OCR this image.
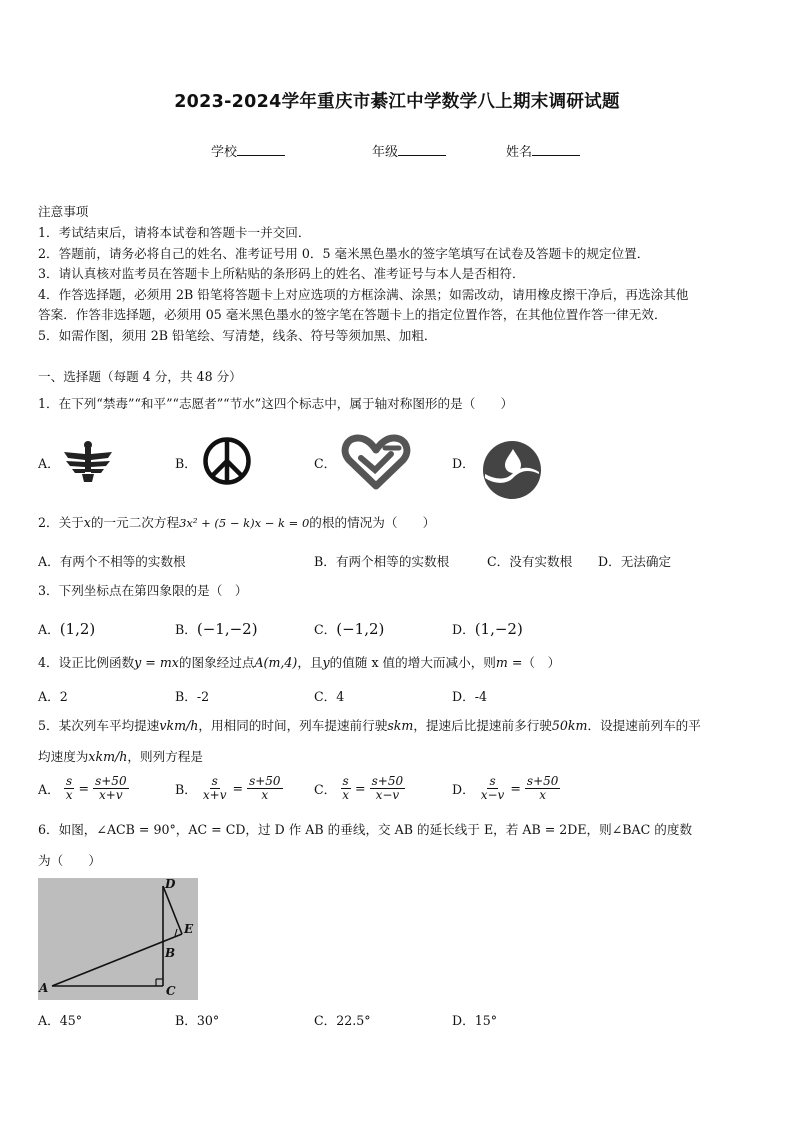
2023-2024学年重庆市綦江中学数学八上期末调研试题
学校	年级	姓名
注意事项
1．考试结束后，请将本试卷和答题卡一并交回．
2．答题前，请务必将自己的姓名、准考证号用 0．5 毫米黑色墨水的签字笔填写在试卷及答题卡的规定位置．
3．请认真核对监考员在答题卡上所粘贴的条形码上的姓名、准考证号与本人是否相符．
4．作答选择题，必须用 2B 铅笔将答题卡上对应选项的方框涂满、涂黑；如需改动，请用橡皮擦干净后，再选涂其他
答案．作答非选择题，必须用 05 毫米黑色墨水的签字笔在答题卡上的指定位置作答，在其他位置作答一律无效．
5．如需作图，须用 2B 铅笔绘、写清楚，线条、符号等须加黑、加粗．
一、选择题（每题 4 分，共 48 分）
1．在下列“禁毒”“和平”“志愿者”“节水”这四个标志中，属于轴对称图形的是（　　）
A．	B．	C．	D．
2．关于x的一元二次方程3x² + (5 − k)x − k = 0的根的情况为（　　）
A．有两个不相等的实数根	B．有两个相等的实数根	C．没有实数根 D．无法确定
3．下列坐标点在第四象限的是（　）
A．(1,2)	B．(−1,−2)	C．(−1,2)	D．(1,−2)
4．设正比例函数y = mx的图象经过点A(m,4)，且y的值随 x 值的增大而减小，则m =（　）
A．2	B．-2	C．4	D．-4
5．某次列车平均提速vkm/h，用相同的时间，列车提速前行驶skm，提速后比提速前多行驶50km．设提速前列车的平
均速度为xkm/h，则列方程是
A． $\frac{s}{x} = \frac{s+50}{x+v}$	B． $\frac{s}{x+v} = \frac{s+50}{x}$ C． $\frac{s}{x} = \frac{s+50}{x-v}$	D． $\frac{s}{x-v} = \frac{s+50}{x}$
6．如图，∠ACB = 90°，AC = CD，过 D 作 AB 的垂线，交 AB 的延长线于 E，若 AB = 2DE，则∠BAC 的度数
为（　　）
A
B
C
D
E
A．45°	B．30°	C．22.5°	D．15°
